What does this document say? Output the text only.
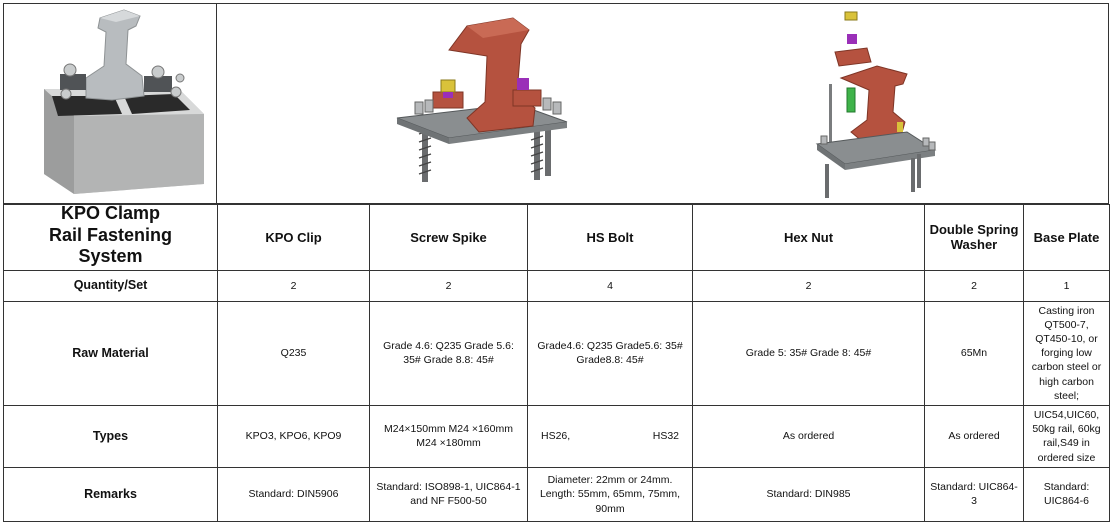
KPO Clamp
Rail Fastening
System	KPO Clip	Screw Spike	HS Bolt	Hex Nut	Double Spring Washer	Base Plate
Quantity/Set	2	2	4	2	2	1
Raw Material	Q235	Grade 4.6: Q235 Grade 5.6: 35# Grade 8.8: 45#	Grade4.6: Q235 Grade5.6: 35# Grade8.8: 45#	Grade 5: 35# Grade 8: 45#	65Mn	Casting iron QT500-7, QT450-10, or forging low carbon steel or high carbon steel;
Types	KPO3, KPO6, KPO9	M24×150mm M24 ×160mm M24 ×180mm	HS26, HS32	As ordered	As ordered	UIC54,UIC60, 50kg rail, 60kg rail,S49 in ordered size
Remarks	Standard: DIN5906	Standard: ISO898-1, UIC864-1 and NF F500-50	Diameter: 22mm or 24mm. Length: 55mm, 65mm, 75mm, 90mm	Standard: DIN985	Standard: UIC864-3	Standard: UIC864-6
